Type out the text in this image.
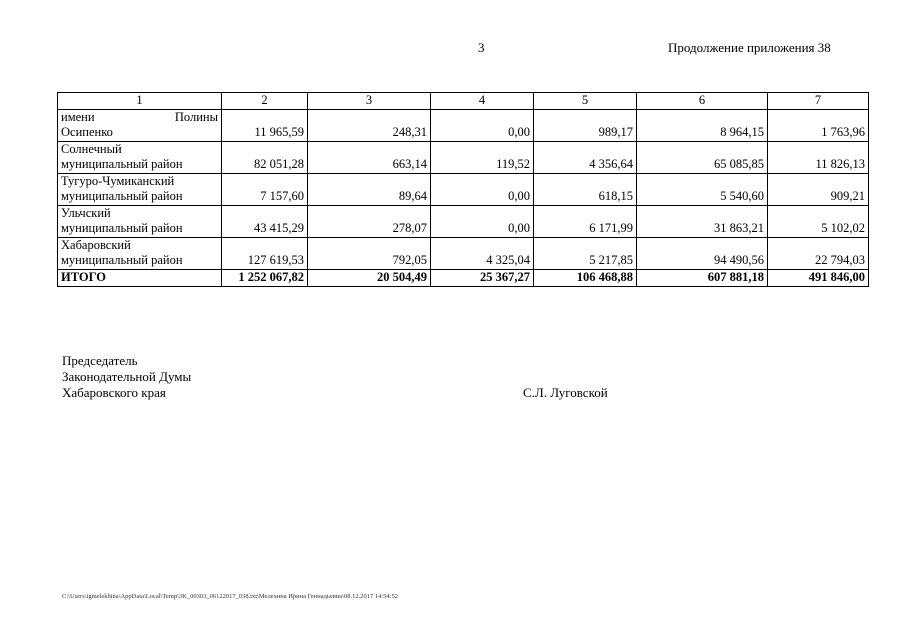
3	Продолжение приложения 38
1	2	3	4	5	6	7

имени Полины
Осипенко	11 965,59	248,31	0,00	989,17	8 964,15	1 763,96

Солнечный
муниципальный район	82 051,28	663,14	119,52	4 356,64	65 085,85	11 826,13

Тугуро-Чумиканский
муниципальный район	7 157,60	89,64	0,00	618,15	5 540,60	909,21

Ульчский
муниципальный район	43 415,29	278,07	0,00	6 171,99	31 863,21	5 102,02

Хабаровский
муниципальный район	127 619,53	792,05	4 325,04	5 217,85	94 490,56	22 794,03
ИТОГО	1 252 067,82	20 504,49	25 367,27	106 468,88	607 881,18	491 846,00
Председатель
Законодательной Думы
Хабаровского края	С.Л. Луговской
C:\Users\igmelekhina\AppData\Local\Temp\3K_00303_06122017_038.txt\Мелехина Ирина Геннадьевна\08.12.2017 14:54:52
